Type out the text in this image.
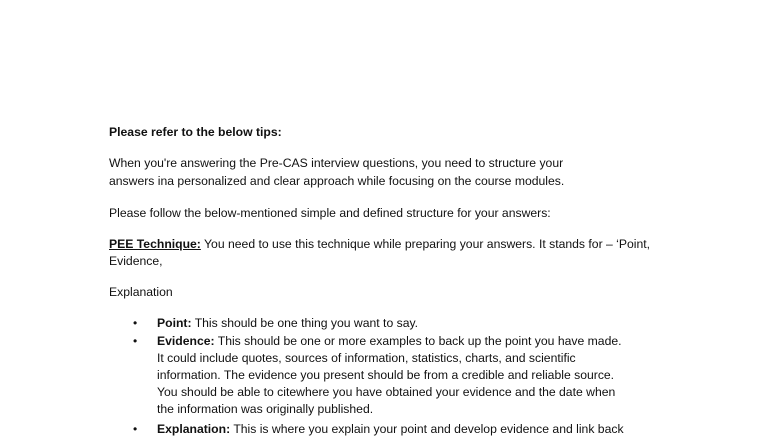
Please refer to the below tips:

When you're answering the Pre-CAS interview questions, you need to structure your

answers ina personalized and clear approach while focusing on the course modules.

Please follow the below-mentioned simple and defined structure for your answers:

PEE Technique: You need to use this technique while preparing your answers. It stands for – ‘Point,

Evidence,

Explanation

• Point: This should be one thing you want to say.
• Evidence: This should be one or more examples to back up the point you have made.
It could include quotes, sources of information, statistics, charts, and scientific
information. The evidence you present should be from a credible and reliable source.
You should be able to citewhere you have obtained your evidence and the date when
the information was originally published.
• Explanation: This is where you explain your point and develop evidence and link back
